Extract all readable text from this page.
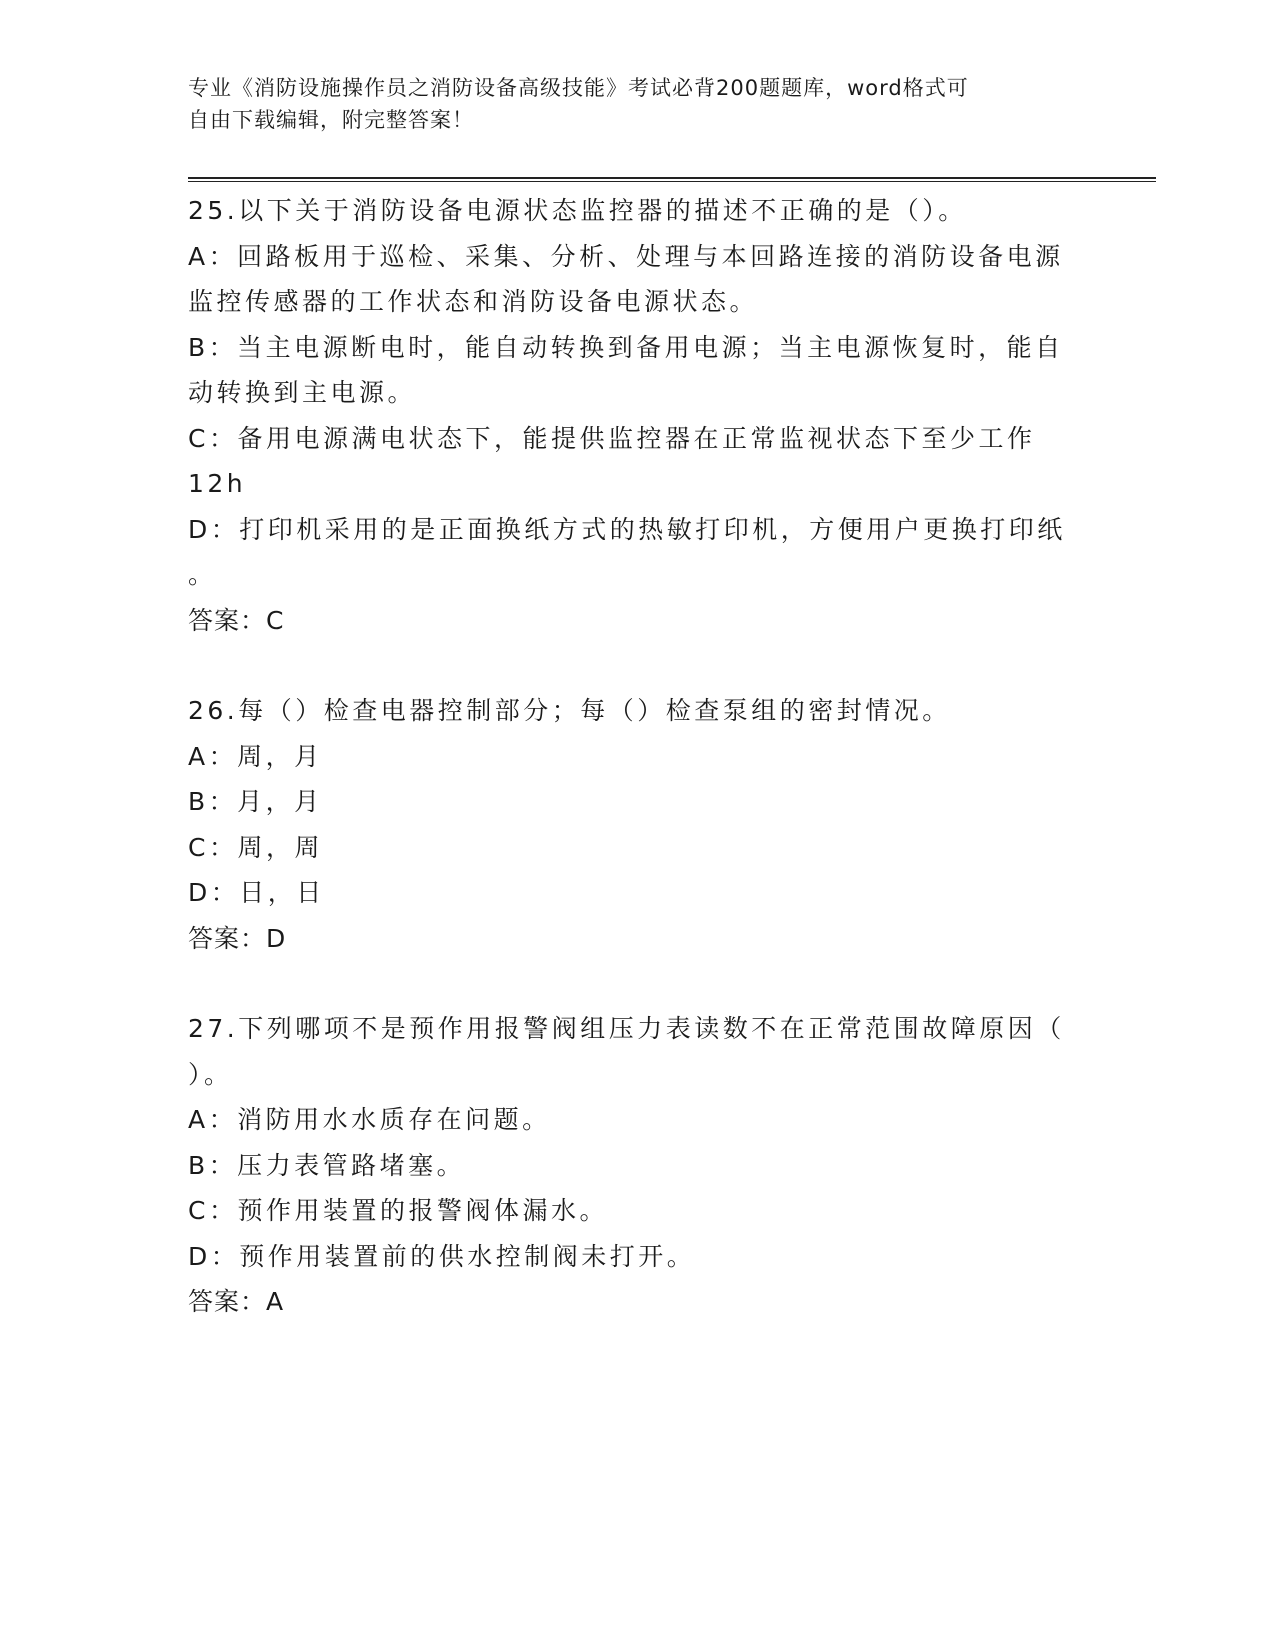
专业《消防设施操作员之消防设备高级技能》考试必背200题题库，word格式可
自由下载编辑，附完整答案！
25.以下关于消防设备电源状态监控器的描述不正确的是（）。
A：回路板用于巡检、采集、分析、处理与本回路连接的消防设备电源
监控传感器的工作状态和消防设备电源状态。
B：当主电源断电时，能自动转换到备用电源；当主电源恢复时，能自
动转换到主电源。
C：备用电源满电状态下，能提供监控器在正常监视状态下至少工作
12h
D：打印机采用的是正面换纸方式的热敏打印机，方便用户更换打印纸
。
答案：C
26.每（）检查电器控制部分；每（）检查泵组的密封情况。
A：周，月
B：月，月
C：周，周
D：日，日
答案：D
27.下列哪项不是预作用报警阀组压力表读数不在正常范围故障原因（
）。
A：消防用水水质存在问题。
B：压力表管路堵塞。
C：预作用装置的报警阀体漏水。
D：预作用装置前的供水控制阀未打开。
答案：A
